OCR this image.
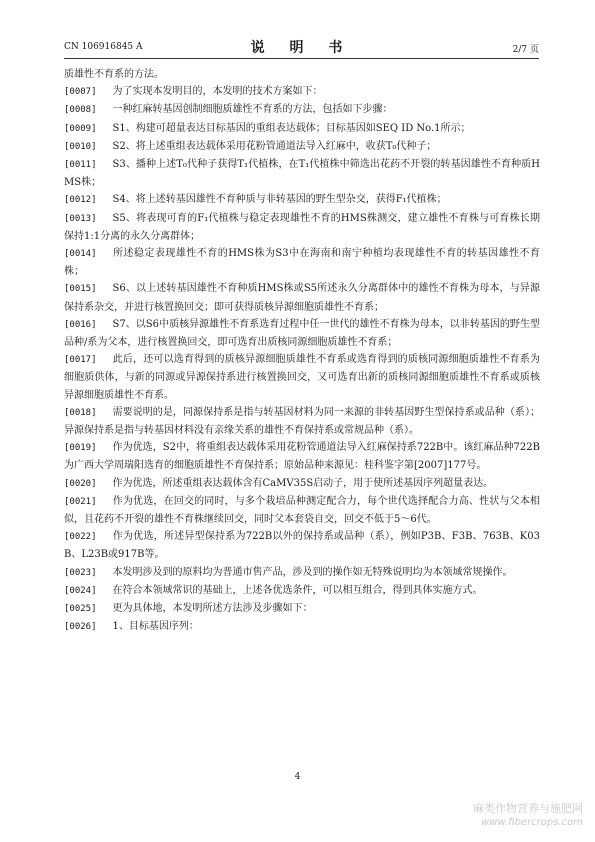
CN 106916845 A	说 明 书	2/7 页

质雄性不育系的方法。

[0007] 为了实现本发明目的，本发明的技术方案如下：

[0008] 一种红麻转基因创制细胞质雄性不育系的方法，包括如下步骤：

[0009] S1、构建可超量表达目标基因的重组表达载体；目标基因如SEQ ID No.1所示；

[0010] S2、将上述重组表达载体采用花粉管通道法导入红麻中，收获T₀代种子；

[0011] S3、播种上述T₀代种子获得T₁代植株，在T₁代植株中筛选出花药不开裂的转基因雄性不育种质HMS株；

[0012] S4、将上述转基因雄性不育种质与非转基因的野生型杂交，获得F₁代植株；

[0013] S5、将表现可育的F₁代植株与稳定表现雄性不育的HMS株测交，建立雄性不育株与可育株长期保持1:1分离的永久分离群体；

[0014] 所述稳定表现雄性不育的HMS株为S3中在海南和南宁种植均表现雄性不育的转基因雄性不育株；

[0015] S6、以上述转基因雄性不育种质HMS株或S5所述永久分离群体中的雄性不育株为母本，与异源保持系杂交，并进行核置换回交；即可获得质核异源细胞质雄性不育系；

[0016] S7、以S6中质核异源雄性不育系选育过程中任一世代的雄性不育株为母本，以非转基因的野生型品种/系为父本，进行核置换回交，即可选育出质核同源细胞质雄性不育系；

[0017] 此后，还可以选育得到的质核异源细胞质雄性不育系或选育得到的质核同源细胞质雄性不育系为细胞质供体，与新的同源或异源保持系进行核置换回交，又可选育出新的质核同源细胞质雄性不育系或质核异源细胞质雄性不育系。

[0018] 需要说明的是，同源保持系是指与转基因材料为同一来源的非转基因野生型保持系或品种（系）；异源保持系是指与转基因材料没有亲缘关系的雄性不育保持系或常规品种（系）。

[0019] 作为优选，S2中，将重组表达载体采用花粉管通道法导入红麻保持系722B中。该红麻品种722B为广西大学周瑞阳选育的细胞质雄性不育保持系；原始品种来源见：桂科鉴字第[2007]177号。

[0020] 作为优选，所述重组表达载体含有CaMV35S启动子，用于使所述基因序列超量表达。

[0021] 作为优选，在回交的同时，与多个栽培品种测定配合力，每个世代选择配合力高、性状与父本相似，且花药不开裂的雄性不育株继续回交，同时父本套袋自交，回交不低于5～6代。

[0022] 作为优选，所述异型保持系为722B以外的保持系或品种（系），例如P3B、F3B、763B、K03B、L23B或917B等。

[0023] 本发明涉及到的原料均为普通市售产品，涉及到的操作如无特殊说明均为本领域常规操作。

[0024] 在符合本领域常识的基础上，上述各优选条件，可以相互组合，得到具体实施方式。

[0025] 更为具体地，本发明所述方法涉及步骤如下：

[0026] 1、目标基因序列：

4
麻类作物营养与施肥网
www.fibercrops.com
